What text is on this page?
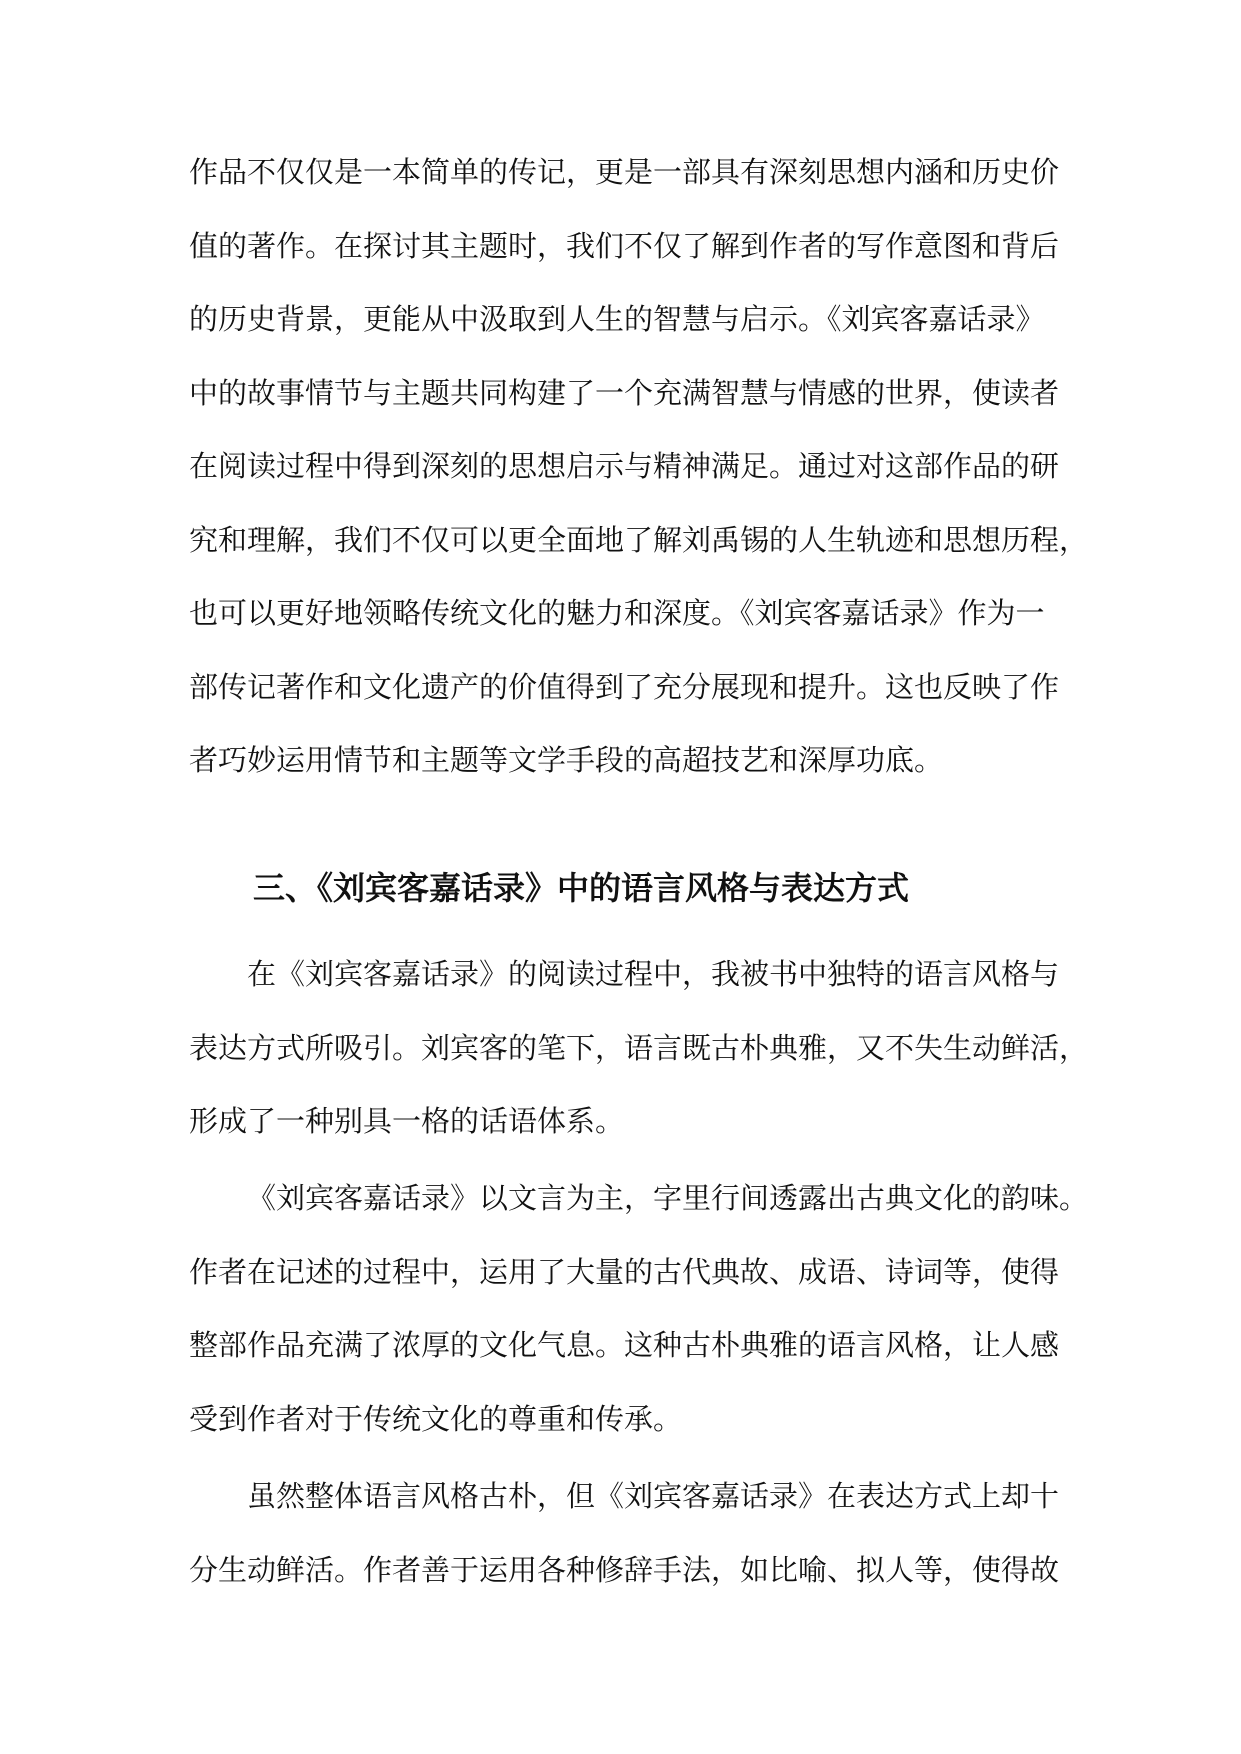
作品不仅仅是一本简单的传记，更是一部具有深刻思想内涵和历史价
值的著作。在探讨其主题时，我们不仅了解到作者的写作意图和背后
的历史背景，更能从中汲取到人生的智慧与启示。《刘宾客嘉话录》
中的故事情节与主题共同构建了一个充满智慧与情感的世界，使读者
在阅读过程中得到深刻的思想启示与精神满足。通过对这部作品的研
究和理解，我们不仅可以更全面地了解刘禹锡的人生轨迹和思想历程，
也可以更好地领略传统文化的魅力和深度。《刘宾客嘉话录》作为一
部传记著作和文化遗产的价值得到了充分展现和提升。这也反映了作
者巧妙运用情节和主题等文学手段的高超技艺和深厚功底。
三、《刘宾客嘉话录》中的语言风格与表达方式
在《刘宾客嘉话录》的阅读过程中，我被书中独特的语言风格与
表达方式所吸引。刘宾客的笔下，语言既古朴典雅，又不失生动鲜活，
形成了一种别具一格的话语体系。
《刘宾客嘉话录》以文言为主，字里行间透露出古典文化的韵味。
作者在记述的过程中，运用了大量的古代典故、成语、诗词等，使得
整部作品充满了浓厚的文化气息。这种古朴典雅的语言风格，让人感
受到作者对于传统文化的尊重和传承。
虽然整体语言风格古朴，但《刘宾客嘉话录》在表达方式上却十
分生动鲜活。作者善于运用各种修辞手法，如比喻、拟人等，使得故
